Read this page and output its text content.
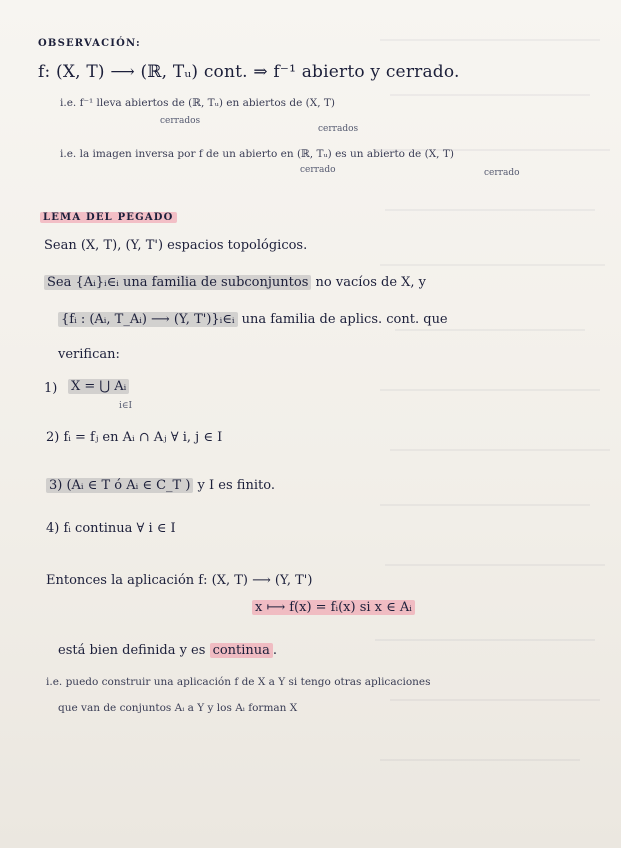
OBSERVACIÓN:
f: (X, T) ⟶ (ℝ, Tᵤ) cont. ⇒ f⁻¹ abierto y cerrado.
i.e. f⁻¹ lleva abiertos de (ℝ, Tᵤ) en abiertos de (X, T)
cerrados
cerrados
i.e. la imagen inversa por f de un abierto en (ℝ, Tᵤ) es un abierto de (X, T)
cerrado	cerrado
LEMA DEL PEGADO
Sean (X, T), (Y, T') espacios topológicos.
Sea {Aᵢ}ᵢ∈ᵢ una familia de subconjuntos no vacíos de X, y
{fᵢ : (Aᵢ, T_Aᵢ) ⟶ (Y, T')}ᵢ∈ᵢ una familia de aplics. cont. que
verifican:
1) X = ⋃ Aᵢ
i∈I
2) fᵢ = fⱼ en Aᵢ ∩ Aⱼ ∀ i, j ∈ I
3) (Aᵢ ∈ T ó Aᵢ ∈ C_T ) y I es finito.
4) fᵢ continua ∀ i ∈ I
Entonces la aplicación f: (X, T) ⟶ (Y, T')
x ⟼ f(x) = fᵢ(x) si x ∈ Aᵢ
está bien definida y es continua .
i.e. puedo construir una aplicación f de X a Y si tengo otras aplicaciones
que van de conjuntos Aᵢ a Y y los Aᵢ forman X
